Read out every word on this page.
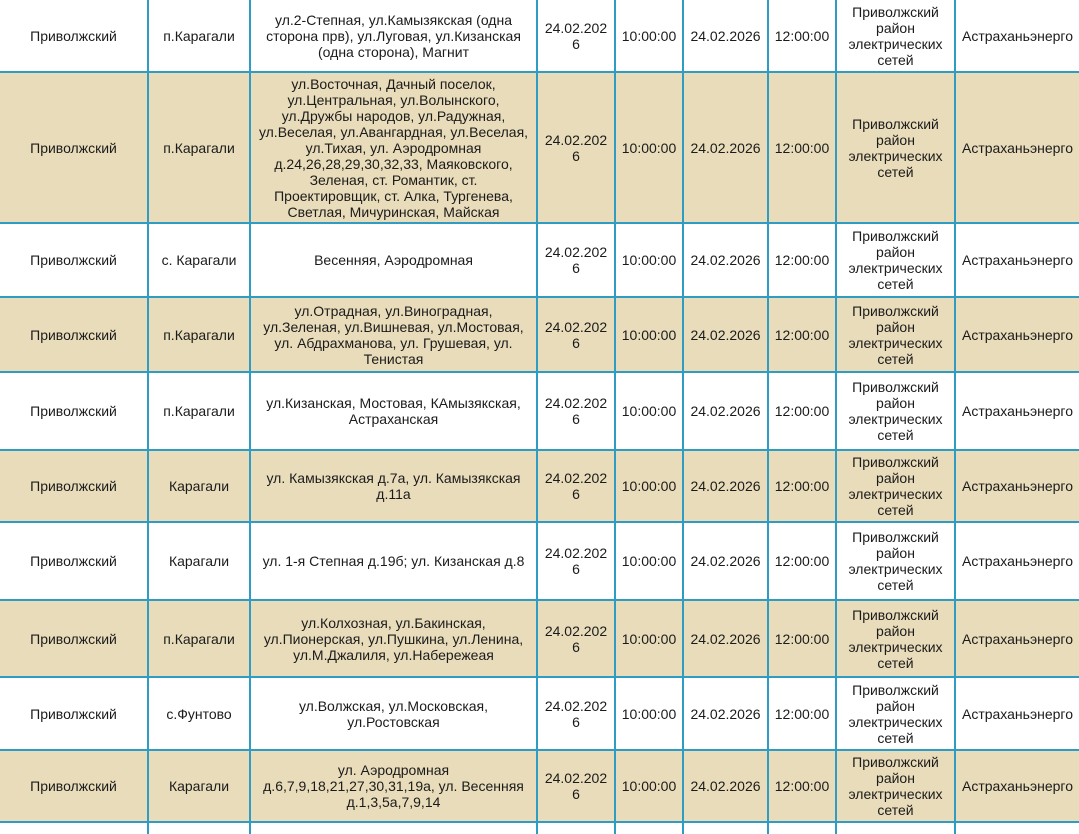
Приволжский	п.Карагали	ул.2-Степная, ул.Камызякская (одна сторона прв), ул.Луговая, ул.Кизанская (одна сторона), Магнит	24.02.2026	10:00:00	24.02.2026	12:00:00	Приволжский район электрических сетей	Астраханьэнерго
Приволжский	п.Карагали	ул.Восточная, Дачный поселок, ул.Центральная, ул.Волынского, ул.Дружбы народов, ул.Радужная, ул.Веселая, ул.Авангардная, ул.Веселая, ул.Тихая, ул. Аэродромная д.24,26,28,29,30,32,33, Маяковского, Зеленая, ст. Романтик, ст. Проектировщик, ст. Алка, Тургенева, Светлая, Мичуринская, Майская	24.02.2026	10:00:00	24.02.2026	12:00:00	Приволжский район электрических сетей	Астраханьэнерго
Приволжский	с. Карагали	Весенняя, Аэродромная	24.02.2026	10:00:00	24.02.2026	12:00:00	Приволжский район электрических сетей	Астраханьэнерго
Приволжский	п.Карагали	ул.Отрадная, ул.Виноградная, ул.Зеленая, ул.Вишневая, ул.Мостовая, ул. Абдрахманова, ул. Грушевая, ул. Тенистая	24.02.2026	10:00:00	24.02.2026	12:00:00	Приволжский район электрических сетей	Астраханьэнерго
Приволжский	п.Карагали	ул.Кизанская, Мостовая, КАмызякская, Астраханская	24.02.2026	10:00:00	24.02.2026	12:00:00	Приволжский район электрических сетей	Астраханьэнерго
Приволжский	Карагали	ул. Камызякская д.7а, ул. Камызякская д.11а	24.02.2026	10:00:00	24.02.2026	12:00:00	Приволжский район электрических сетей	Астраханьэнерго
Приволжский	Карагали	ул. 1-я Степная д.19б; ул. Кизанская д.8	24.02.2026	10:00:00	24.02.2026	12:00:00	Приволжский район электрических сетей	Астраханьэнерго
Приволжский	п.Карагали	ул.Колхозная, ул.Бакинская, ул.Пионерская, ул.Пушкина, ул.Ленина, ул.М.Джалиля, ул.Набережеая	24.02.2026	10:00:00	24.02.2026	12:00:00	Приволжский район электрических сетей	Астраханьэнерго
Приволжский	с.Фунтово	ул.Волжская, ул.Московская, ул.Ростовская	24.02.2026	10:00:00	24.02.2026	12:00:00	Приволжский район электрических сетей	Астраханьэнерго
Приволжский	Карагали	ул. Аэродромная д.6,7,9,18,21,27,30,31,19а, ул. Весенняя д.1,3,5а,7,9,14	24.02.2026	10:00:00	24.02.2026	12:00:00	Приволжский район электрических сетей	Астраханьэнерго
